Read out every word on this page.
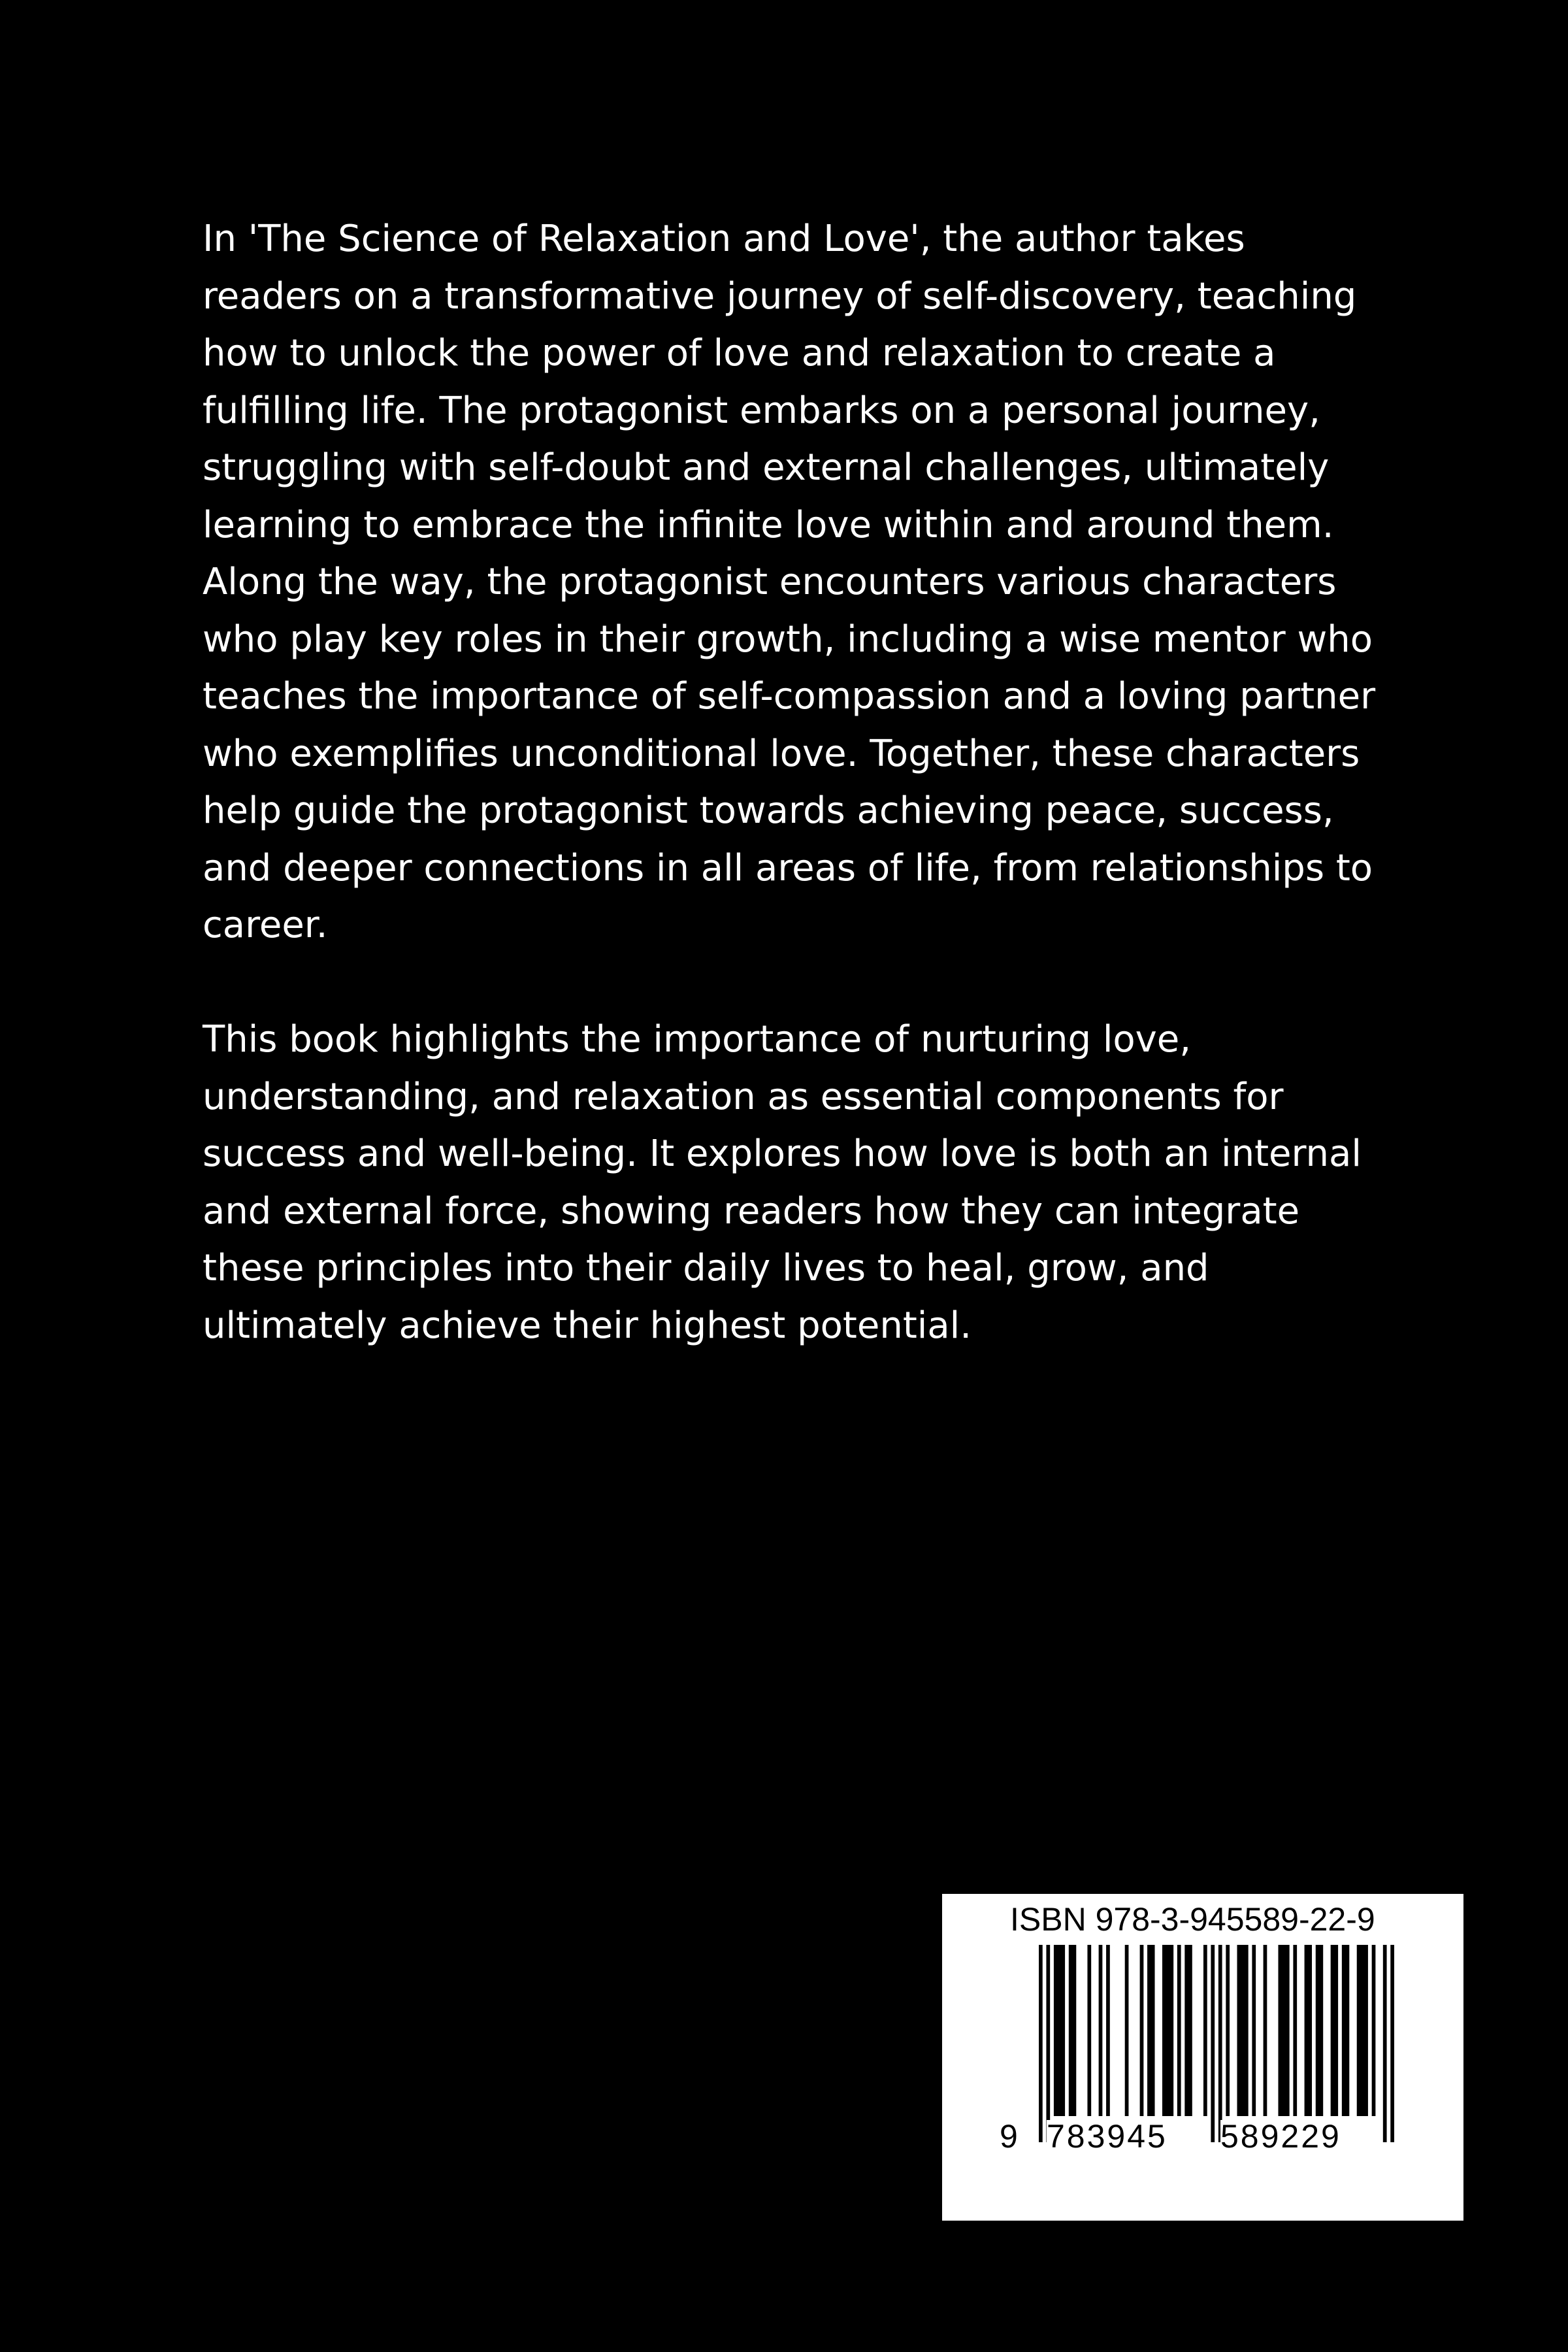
In 'The Science of Relaxation and Love', the author takes readers on a transformative journey of self-discovery, teaching how to unlock the power of love and relaxation to create a fulfilling life. The protagonist embarks on a personal journey, struggling with self-doubt and external challenges, ultimately learning to embrace the infinite love within and around them. Along the way, the protagonist encounters various characters who play key roles in their growth, including a wise mentor who teaches the importance of self-compassion and a loving partner who exemplifies unconditional love. Together, these characters help guide the protagonist towards achieving peace, success, and deeper connections in all areas of life, from relationships to career.

This book highlights the importance of nurturing love, understanding, and relaxation as essential components for success and well-being. It explores how love is both an internal and external force, showing readers how they can integrate these principles into their daily lives to heal, grow, and ultimately achieve their highest potential.

ISBN 978-3-945589-22-9
9 783945 589229
